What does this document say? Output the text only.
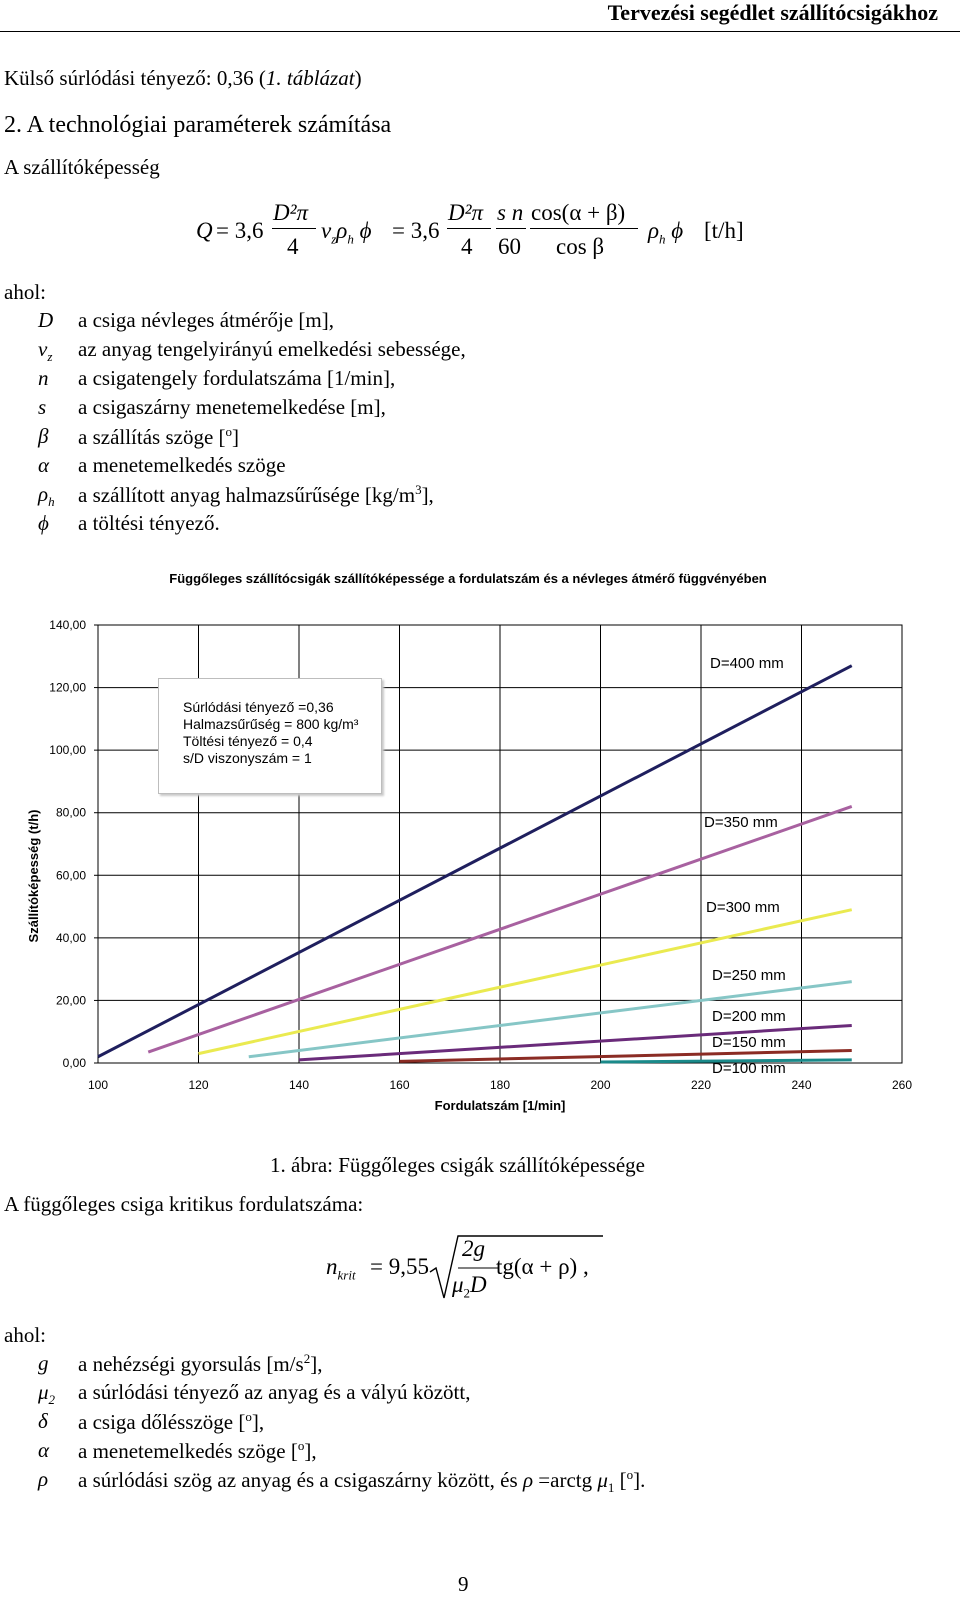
Tervezési segédlet szállítócsigákhoz
Külső súrlódási tényező: 0,36 (1. táblázat)
2. A technológiai paraméterek számítása
A szállítóképesség
Q = 3,6
D²π
4
$v_z\rho_h$ ϕ = 3,6
D²π
4
s n
60
cos(α + β)
cos β
$\rho_h$ ϕ [t/h]
ahol:
D a csiga névleges átmérője [m],
$v_z$ az anyag tengelyirányú emelkedési sebessége,
n a csigatengely fordulatszáma [1/min],
s a csigaszárny menetemelkedése [m],
β a szállítás szöge [$^o$]
α a menetemelkedés szöge
$\rho_h$ a szállított anyag halmazsűrűsége $[kg/m^3]$,
ϕ a töltési tényező.
Függőleges szállítócsigák szállítóképessége a fordulatszám és a névleges átmérő függvényében
Fordulatszám [1/min]
Szállítóképesség (t/h)
100	120	140	160	180	200	220	240	260
0,00
20,00
40,00
60,00
80,00
100,00
120,00
140,00
D=400 mm
D=350 mm
D=300 mm
D=250 mm
D=200 mm
D=150 mm
D=100 mm
Súrlódási tényező =0,36
Halmazsűrűség = 800 kg/m³
Töltési tényező = 0,4
s/D viszonyszám = 1
1. ábra: Függőleges csigák szállítóképessége
A függőleges csiga kritikus fordulatszáma:
$n_{krit} = 9,55$
2g
$\mu_2D$
tg(α + ρ) ,
ahol:
g a nehézségi gyorsulás $[m/s^2]$,
$\mu_2$ a súrlódási tényező az anyag és a vályú között,
δ a csiga dőlésszöge [$^o$],
α a menetemelkedés szöge [$^o$],
ρ a súrlódási szög az anyag és a csigaszárny között, és ρ =arctg $\mu_1$ [$^o$].
9
